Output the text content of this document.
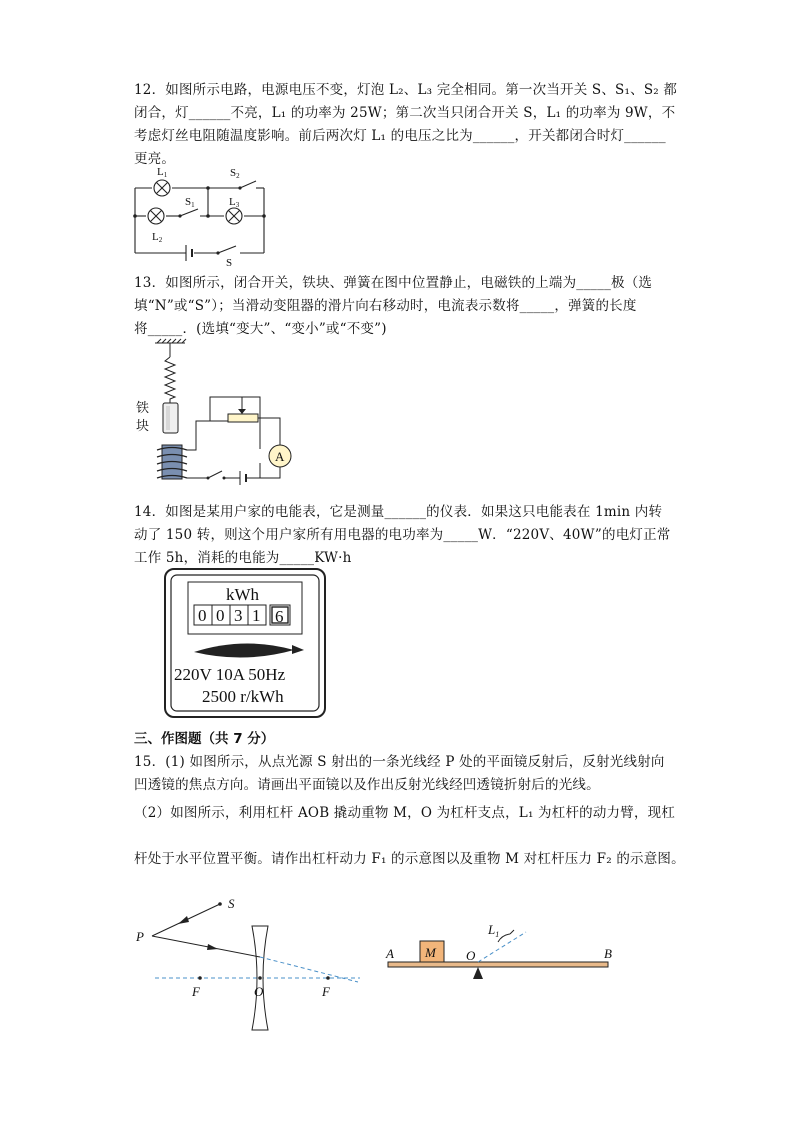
12．如图所示电路，电源电压不变，灯泡 L₂、L₃ 完全相同。第一次当开关 S、S₁、S₂ 都
闭合，灯______不亮，L₁ 的功率为 25W；第二次当只闭合开关 S，L₁ 的功率为 9W，不
考虑灯丝电阻随温度影响。前后两次灯 L₁ 的电压之比为______，开关都闭合时灯______
更亮。
L1
L2
L3
S1
S2
S
13．如图所示，闭合开关，铁块、弹簧在图中位置静止，电磁铁的上端为_____极（选
填“N”或“S”）；当滑动变阻器的滑片向右移动时，电流表示数将_____，弹簧的长度
将_____．(选填“变大”、“变小”或“不变”)
铁
块
A
14．如图是某用户家的电能表，它是测量______的仪表．如果这只电能表在 1min 内转
动了 150 转，则这个用户家所有用电器的电功率为_____W．“220V、40W”的电灯正常
工作 5h，消耗的电能为_____KW·h
kWh
0 0 3 1 6
220V 10A 50Hz
2500 r/kWh
三、作图题（共 7 分）
15．(1) 如图所示，从点光源 S 射出的一条光线经 P 处的平面镜反射后，反射光线射向
凹透镜的焦点方向。请画出平面镜以及作出反射光线经凹透镜折射后的光线。
（2）如图所示，利用杠杆 AOB 撬动重物 M，O 为杠杆支点，L₁ 为杠杆的动力臂，现杠
杆处于水平位置平衡。请作出杠杆动力 F₁ 的示意图以及重物 M 对杠杆压力 F₂ 的示意图。
S
P
F	O	F
M
A	O	B
$L_1$
